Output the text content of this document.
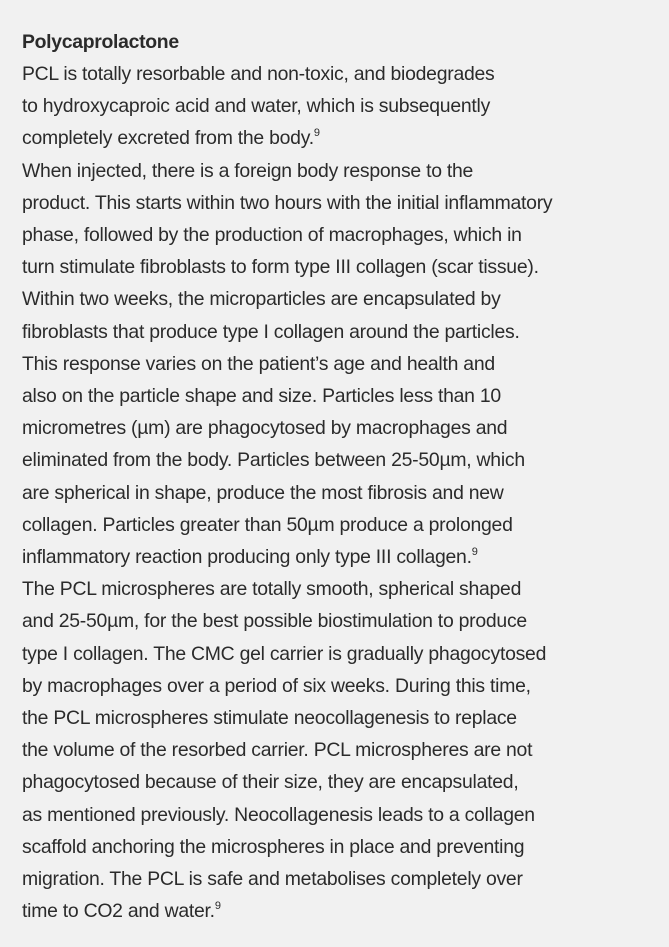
Polycaprolactone

PCL is totally resorbable and non-toxic, and biodegrades

to hydroxycaproic acid and water, which is subsequently

completely excreted from the body.$^9$

When injected, there is a foreign body response to the

product. This starts within two hours with the initial inflammatory

phase, followed by the production of macrophages, which in

turn stimulate fibroblasts to form type III collagen (scar tissue).

Within two weeks, the microparticles are encapsulated by

fibroblasts that produce type I collagen around the particles.

This response varies on the patient’s age and health and

also on the particle shape and size. Particles less than 10

micrometres (µm) are phagocytosed by macrophages and

eliminated from the body. Particles between 25-50µm, which

are spherical in shape, produce the most fibrosis and new

collagen. Particles greater than 50µm produce a prolonged

inflammatory reaction producing only type III collagen.$^9$

The PCL microspheres are totally smooth, spherical shaped

and 25-50µm, for the best possible biostimulation to produce

type I collagen. The CMC gel carrier is gradually phagocytosed

by macrophages over a period of six weeks. During this time,

the PCL microspheres stimulate neocollagenesis to replace

the volume of the resorbed carrier. PCL microspheres are not

phagocytosed because of their size, they are encapsulated,

as mentioned previously. Neocollagenesis leads to a collagen

scaffold anchoring the microspheres in place and preventing

migration. The PCL is safe and metabolises completely over

time to CO2 and water.$^9$
